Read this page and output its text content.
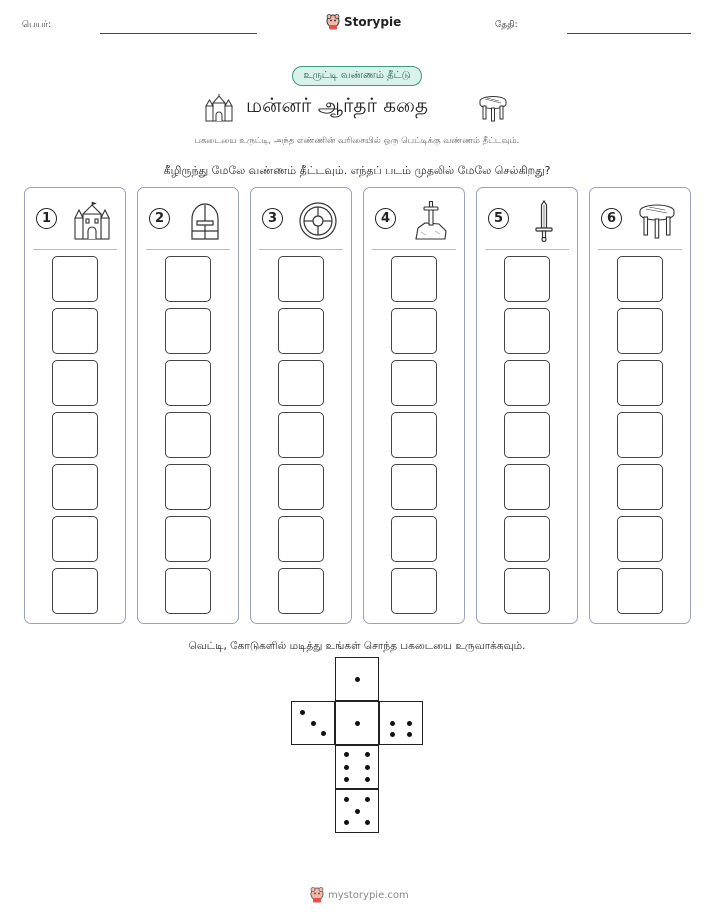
பெயர்:	Storypie	தேதி:
உருட்டி வண்ணம் தீட்டு
மன்னர் ஆர்தர் கதை
பகடையை உருட்டி, அந்த எண்ணின் வரிசையில் ஒரு பெட்டிக்கு வண்ணம் தீட்டவும்.
கீழிருந்து மேலே வண்ணம் தீட்டவும். எந்தப் படம் முதலில் மேலே செல்கிறது?
1	2	3	4	5	6
வெட்டி, கோடுகளில் மடித்து உங்கள் சொந்த பகடையை உருவாக்கவும்.
mystorypie.com
